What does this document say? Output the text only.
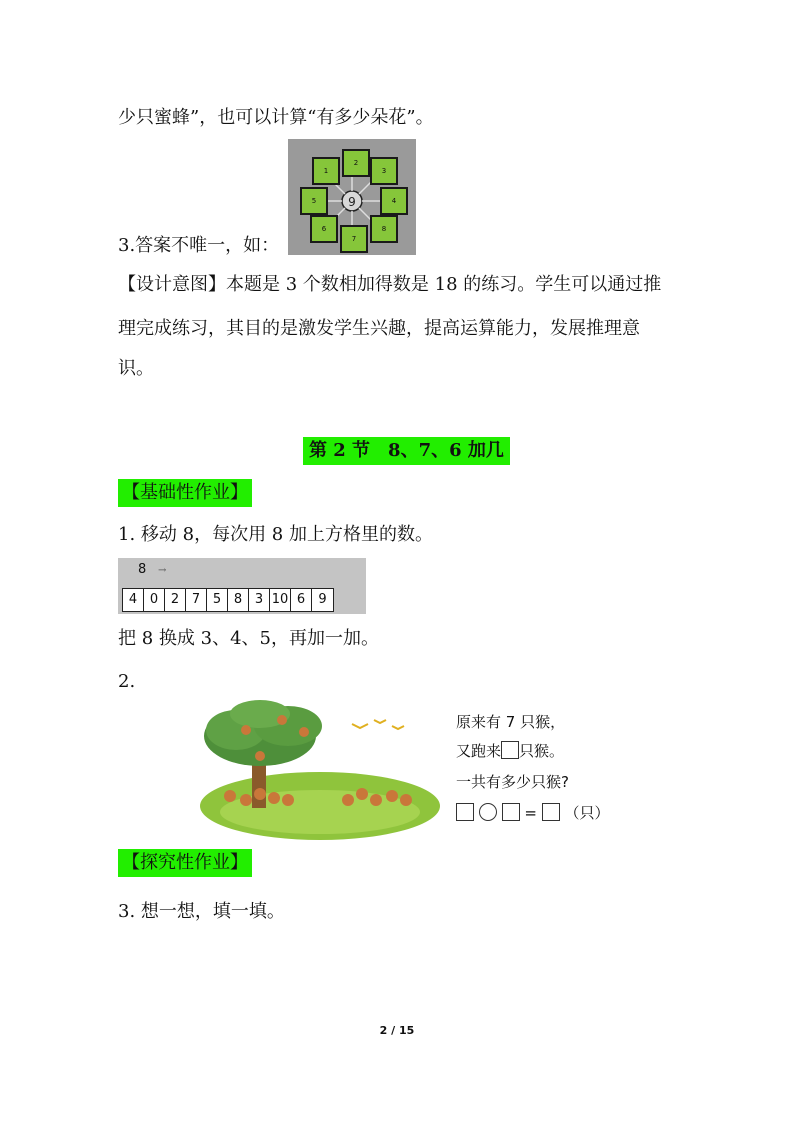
少只蜜蜂”，也可以计算“有多少朵花”。
9
1
2
3
5	4
6	8
7
3.答案不唯一，如：
【设计意图】本题是 3 个数相加得数是 18 的练习。学生可以通过推
理完成练习，其目的是激发学生兴趣，提高运算能力，发展推理意
识。
第 2 节　8、7、6 加几
【基础性作业】
1. 移动 8，每次用 8 加上方格里的数。
8 →
4 0 2 7 5 8 3 10 6	9
把 8 换成 3、4、5，再加一加。
2.
原来有 7 只猴，
又跑来 只猴。
一共有多少只猴?
= （只）
【探究性作业】
3. 想一想，填一填。
2 / 15
